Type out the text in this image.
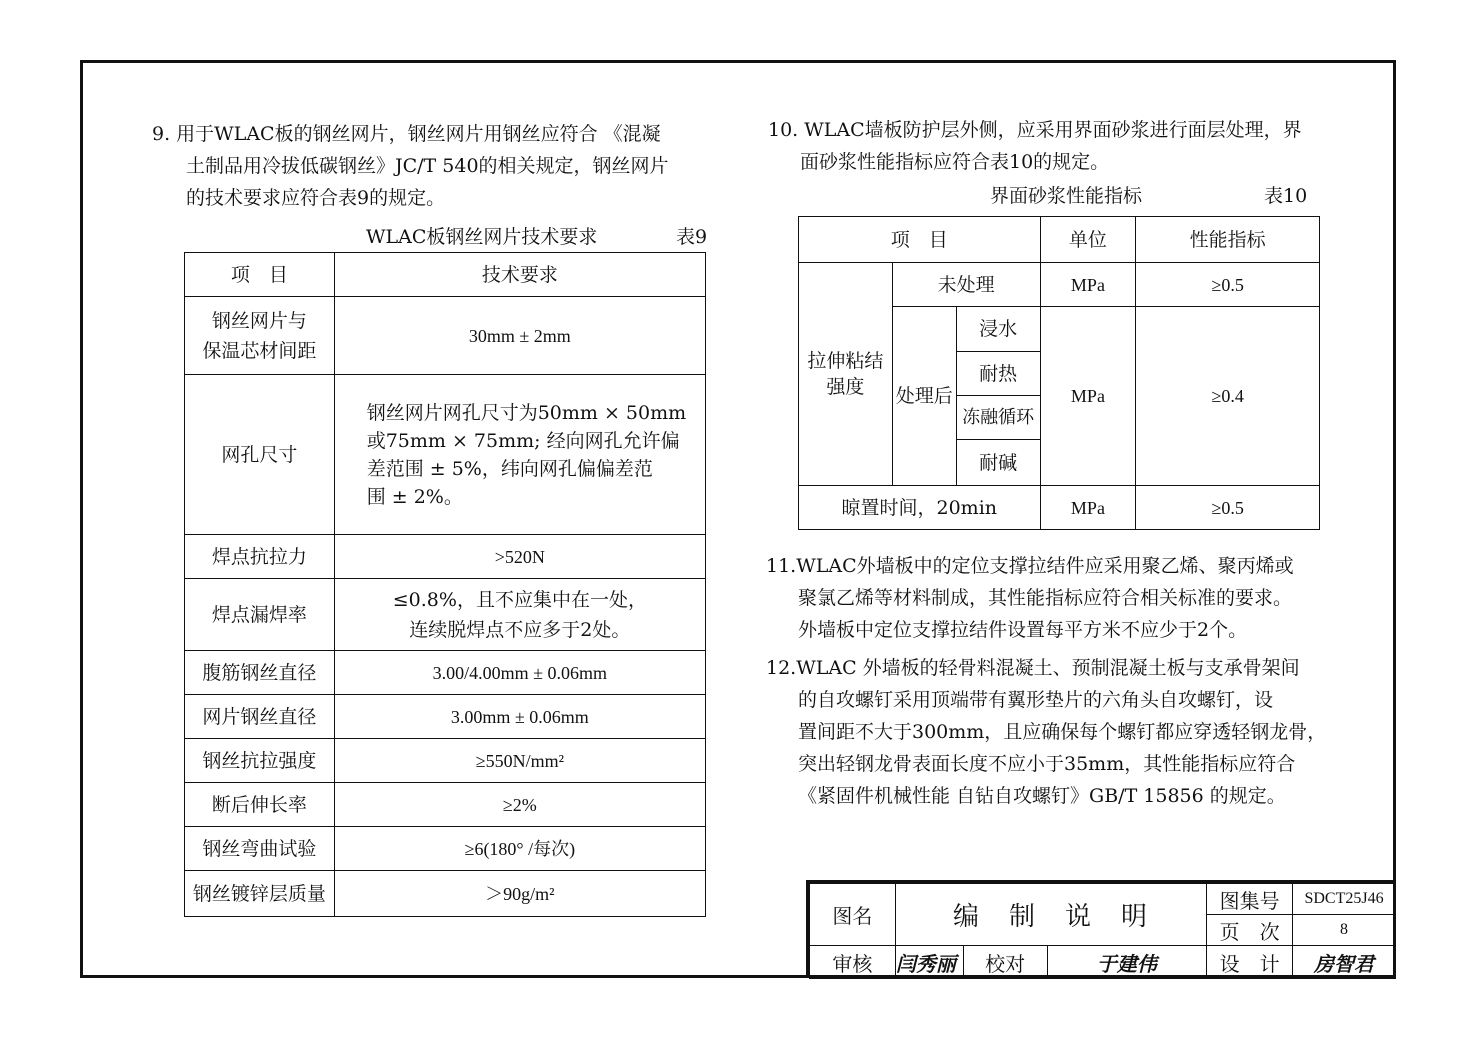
9. 用于WLAC板的钢丝网片，钢丝网片用钢丝应符合 《混凝
土制品用冷拔低碳钢丝》JC/T 540的相关规定，钢丝网片
的技术要求应符合表9的规定。
WLAC板钢丝网片技术要求	表9
项　目	技术要求

钢丝网片与
保温芯材间距	30mm ± 2mm
网孔尺寸	钢丝网片网孔尺寸为50mm × 50mm
或75mm × 75mm; 经向网孔允许偏
差范围 ± 5%，纬向网孔偏偏差范
围 ± 2%。

焊点抗拉力	>520N
焊点漏焊率	≤0.8%，且不应集中在一处，
连续脱焊点不应多于2处。

腹筋钢丝直径	3.00/4.00mm ± 0.06mm
网片钢丝直径	3.00mm ± 0.06mm
钢丝抗拉强度	≥550N/mm²
断后伸长率	≥2%
钢丝弯曲试验	≥6(180° /每次)
钢丝镀锌层质量	＞90g/m²
10. WLAC墙板防护层外侧，应采用界面砂浆进行面层处理，界
面砂浆性能指标应符合表10的规定。
界面砂浆性能指标	表10
项　目			单位	性能指标
拉伸粘结强度	未处理		MPa	≥0.5
	处理后	浸水	MPa	≥0.4
		耐热		
		冻融循环		
		耐碱		
晾置时间，20min			MPa	≥0.5
11.WLAC外墙板中的定位支撑拉结件应采用聚乙烯、聚丙烯或
聚氯乙烯等材料制成，其性能指标应符合相关标准的要求。
外墙板中定位支撑拉结件设置每平方米不应少于2个。
12.WLAC 外墙板的轻骨料混凝土、预制混凝土板与支承骨架间
的自攻螺钉采用顶端带有翼形垫片的六角头自攻螺钉，设
置间距不大于300mm，且应确保每个螺钉都应穿透轻钢龙骨，
突出轻钢龙骨表面长度不应小于35mm，其性能指标应符合
《紧固件机械性能 自钻自攻螺钉》GB/T 15856 的规定。
图名	编　制　说　明			图集号	SDCT25J46
				页　次	8
审核	闫秀丽	校对	于建伟	设　计	房智君
